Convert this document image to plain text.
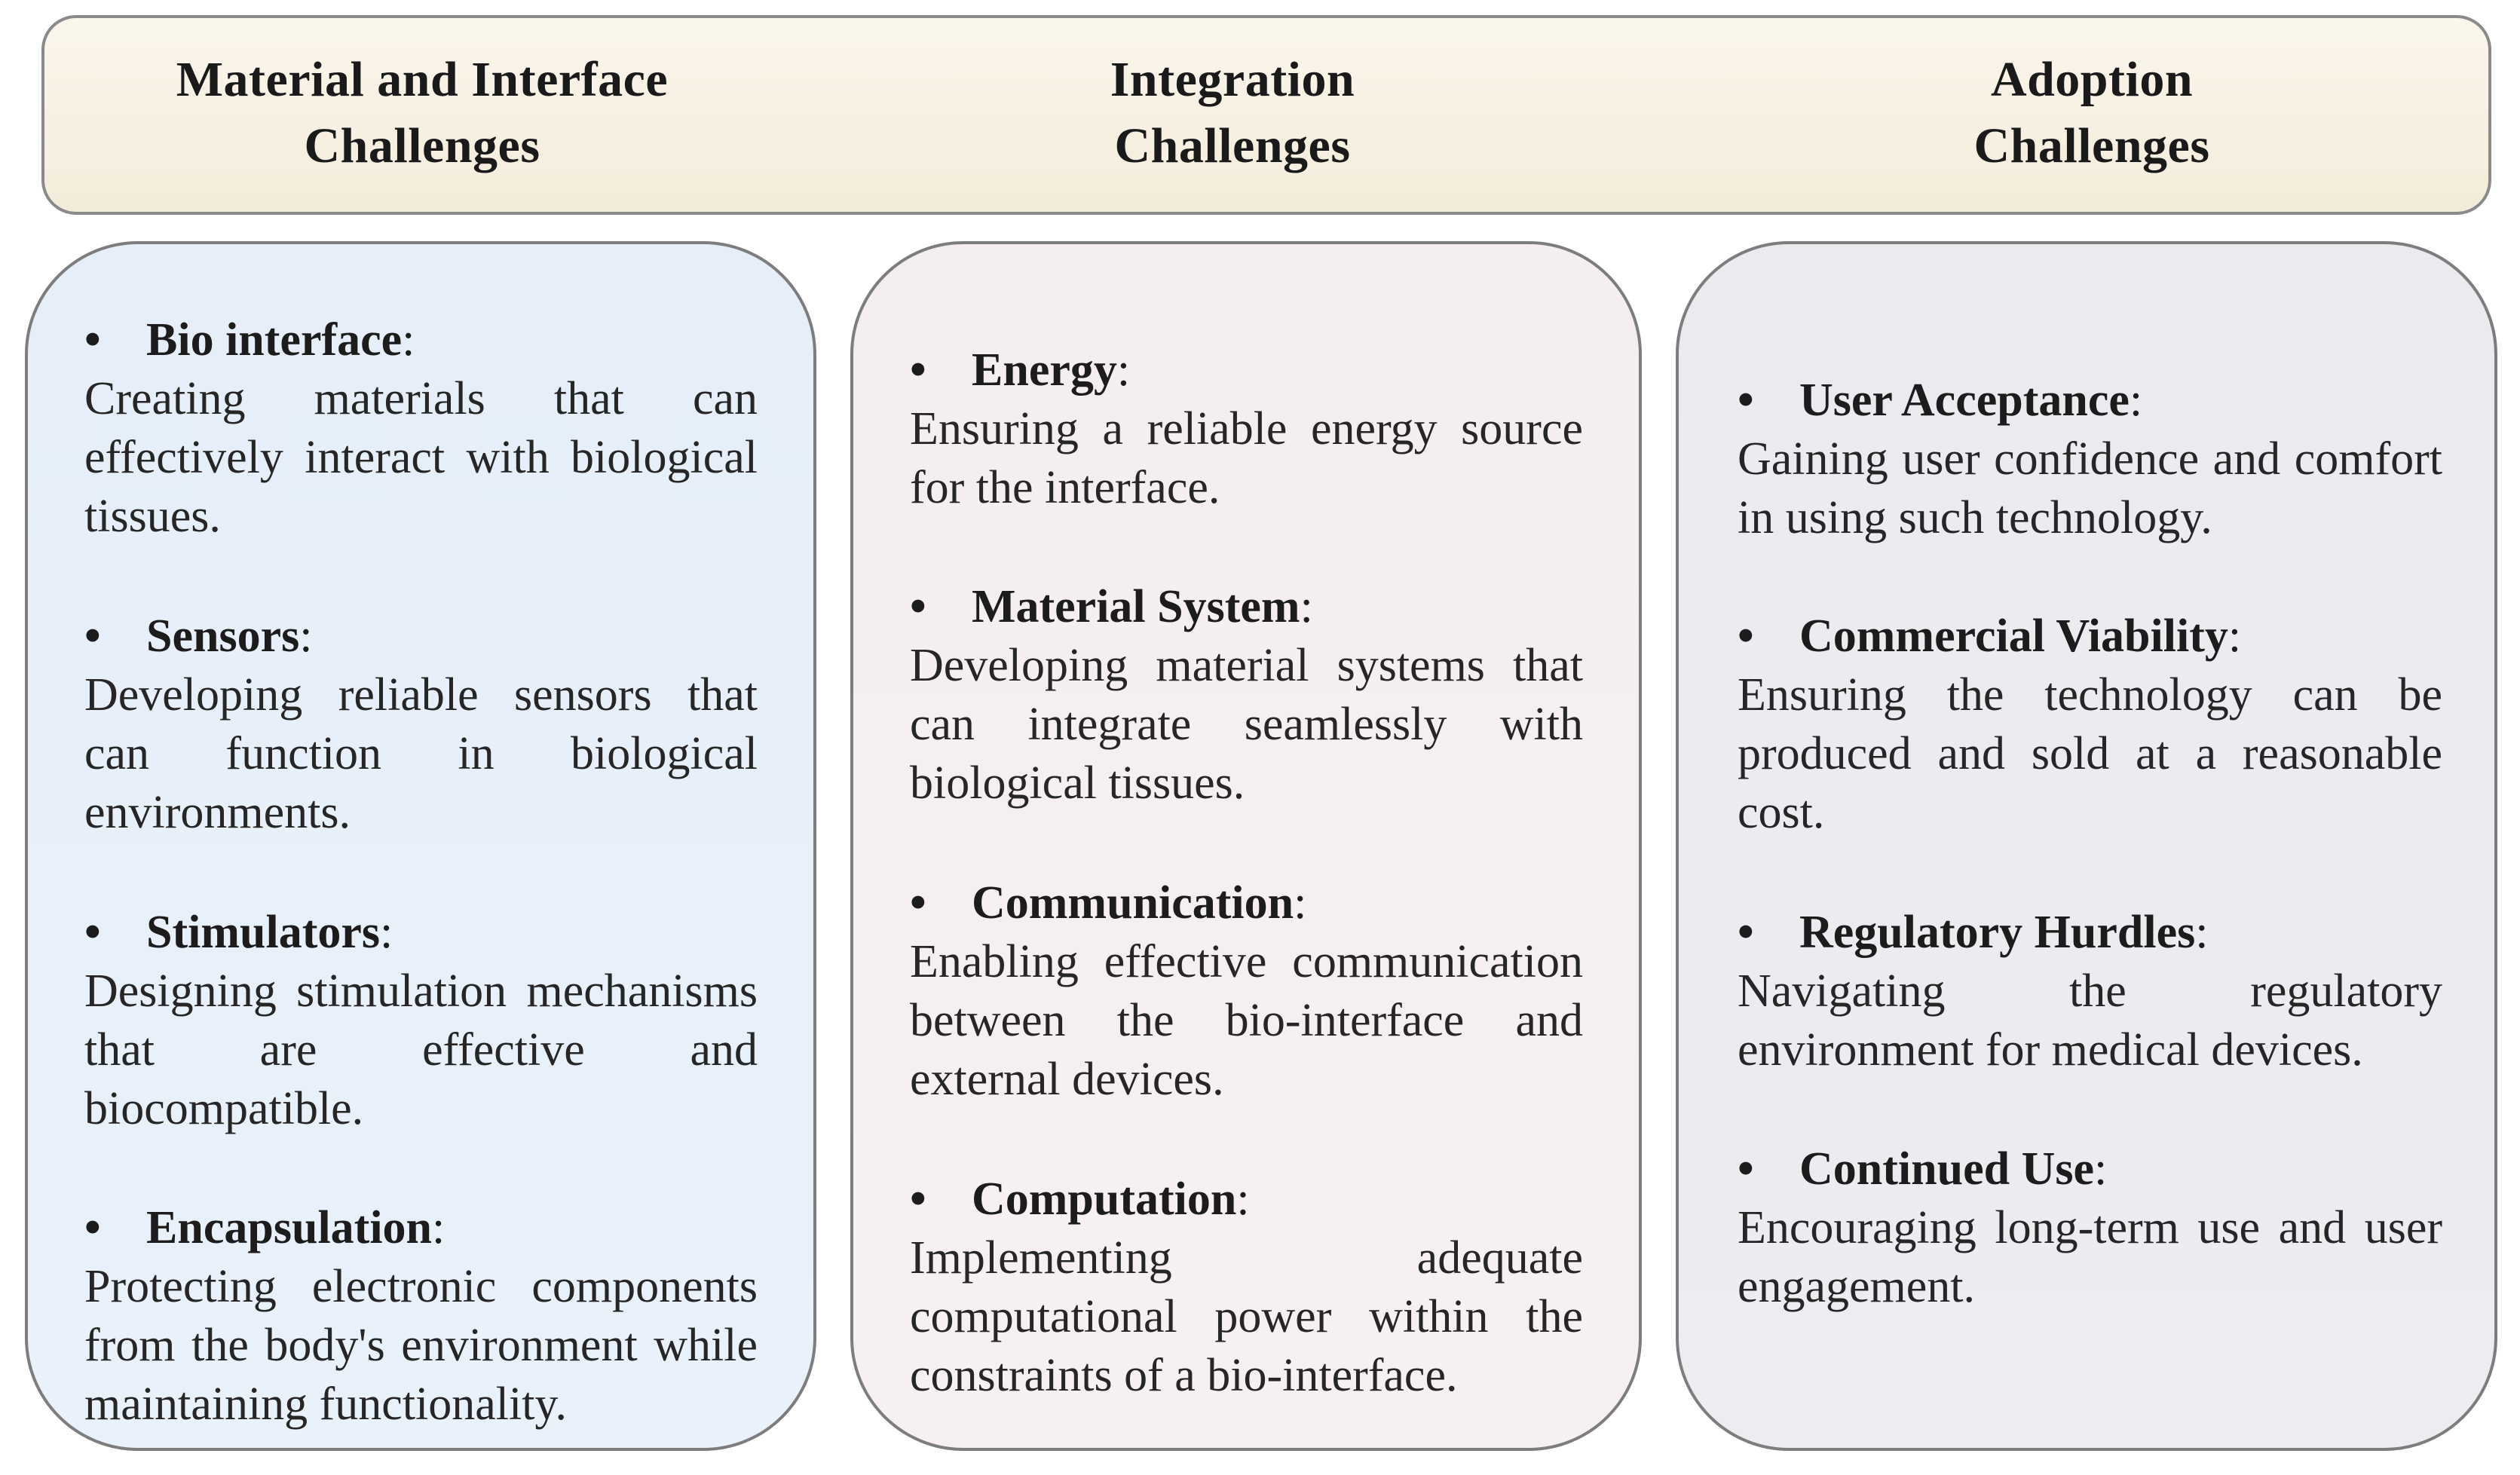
Material and Interface
Challenges
Integration
Challenges
Adoption
Challenges
• Bio interface:
Creating materials that can effectively interact with biological tissues.
• Sensors:
Developing reliable sensors that can function in biological environments.
• Stimulators:
Designing stimulation mechanisms that are effective and biocompatible.
• Encapsulation:
Protecting electronic components from the body's environment while maintaining functionality.
• Energy:
Ensuring a reliable energy source for the interface.
• Material System:
Developing material systems that can integrate seamlessly with biological tissues.
• Communication:
Enabling effective communication between the bio-interface and external devices.
• Computation:
Implementing adequate computational power within the constraints of a bio-interface.
• User Acceptance:
Gaining user confidence and comfort in using such technology.
• Commercial Viability:
Ensuring the technology can be produced and sold at a reasonable cost.
• Regulatory Hurdles:
Navigating the regulatory environment for medical devices.
• Continued Use:
Encouraging long-term use and user engagement.
